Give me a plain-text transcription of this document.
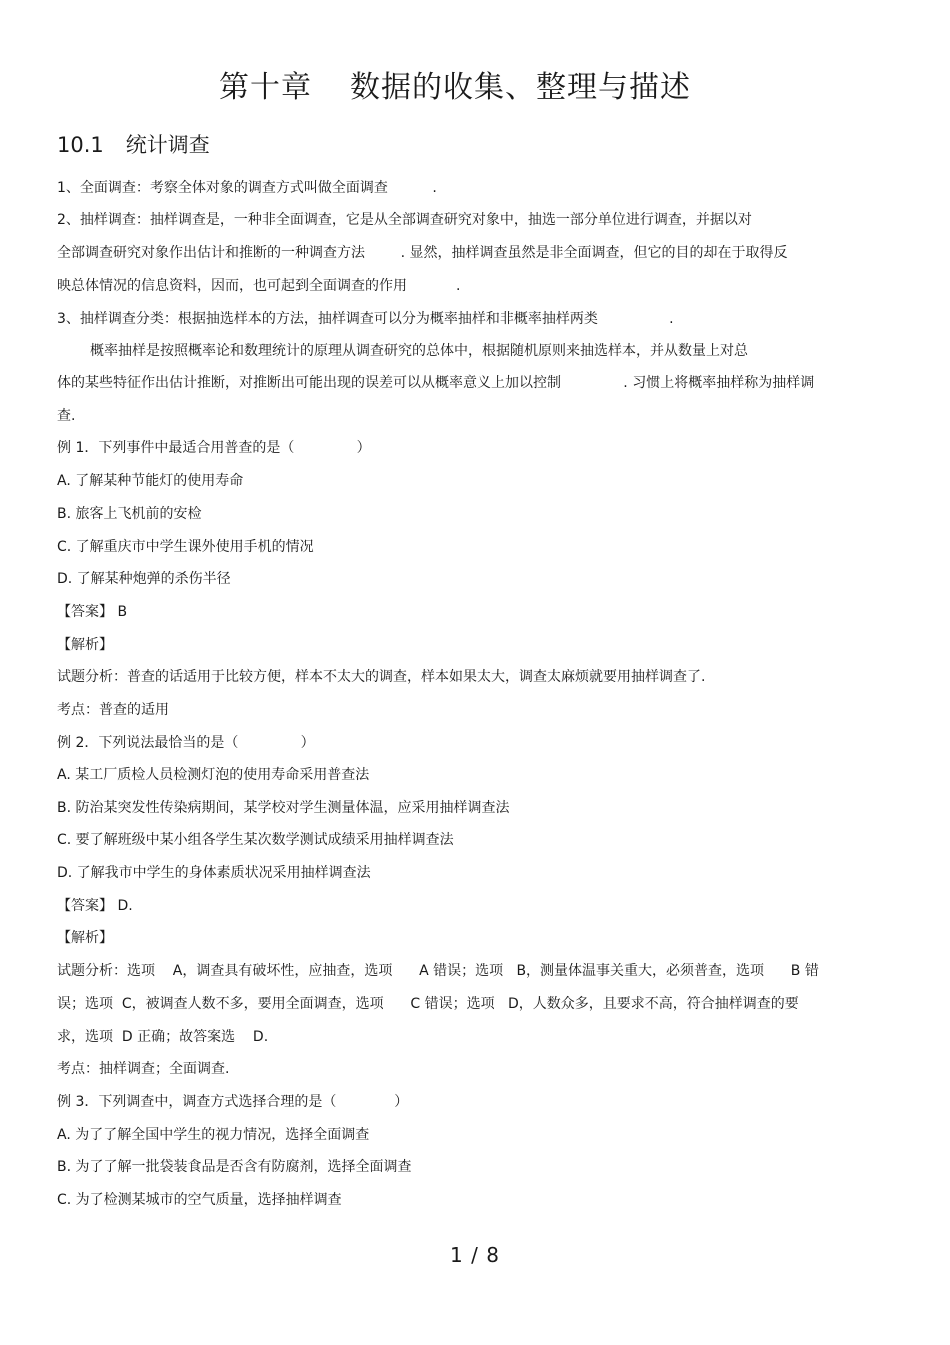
第十章 数据的收集、整理与描述
10.1 统计调查
1、全面调查：考察全体对象的调查方式叫做全面调查          .
2、抽样调查：抽样调查是，一种非全面调查，它是从全部调查研究对象中，抽选一部分单位进行调查，并据以对
全部调查研究对象作出估计和推断的一种调查方法        . 显然，抽样调查虽然是非全面调查，但它的目的却在于取得反
映总体情况的信息资料，因而，也可起到全面调查的作用           .
3、抽样调查分类：根据抽选样本的方法，抽样调查可以分为概率抽样和非概率抽样两类                .
概率抽样是按照概率论和数理统计的原理从调查研究的总体中，根据随机原则来抽选样本，并从数量上对总
体的某些特征作出估计推断，对推断出可能出现的误差可以从概率意义上加以控制              . 习惯上将概率抽样称为抽样调
查.
例 1．下列事件中最适合用普查的是（              ）
A. 了解某种节能灯的使用寿命
B. 旅客上飞机前的安检
C. 了解重庆市中学生课外使用手机的情况
D. 了解某种炮弹的杀伤半径
【答案】 B
【解析】
试题分析：普查的话适用于比较方便，样本不太大的调查，样本如果太大，调查太麻烦就要用抽样调查了.
考点：普查的适用
例 2．下列说法最恰当的是（              ）
A. 某工厂质检人员检测灯泡的使用寿命采用普查法
B. 防治某突发性传染病期间，某学校对学生测量体温，应采用抽样调查法
C. 要了解班级中某小组各学生某次数学测试成绩采用抽样调查法
D. 了解我市中学生的身体素质状况采用抽样调查法
【答案】 D.
【解析】
试题分析：选项    A，调查具有破坏性，应抽查，选项      A 错误；选项   B，测量体温事关重大，必须普查，选项      B 错
误；选项  C，被调查人数不多，要用全面调查，选项      C 错误；选项   D，人数众多，且要求不高，符合抽样调查的要
求，选项  D 正确；故答案选    D.
考点：抽样调查；全面调查.
例 3．下列调查中，调查方式选择合理的是（             ）
A. 为了了解全国中学生的视力情况，选择全面调查
B. 为了了解一批袋装食品是否含有防腐剂，选择全面调查
C. 为了检测某城市的空气质量，选择抽样调查
1 / 8
